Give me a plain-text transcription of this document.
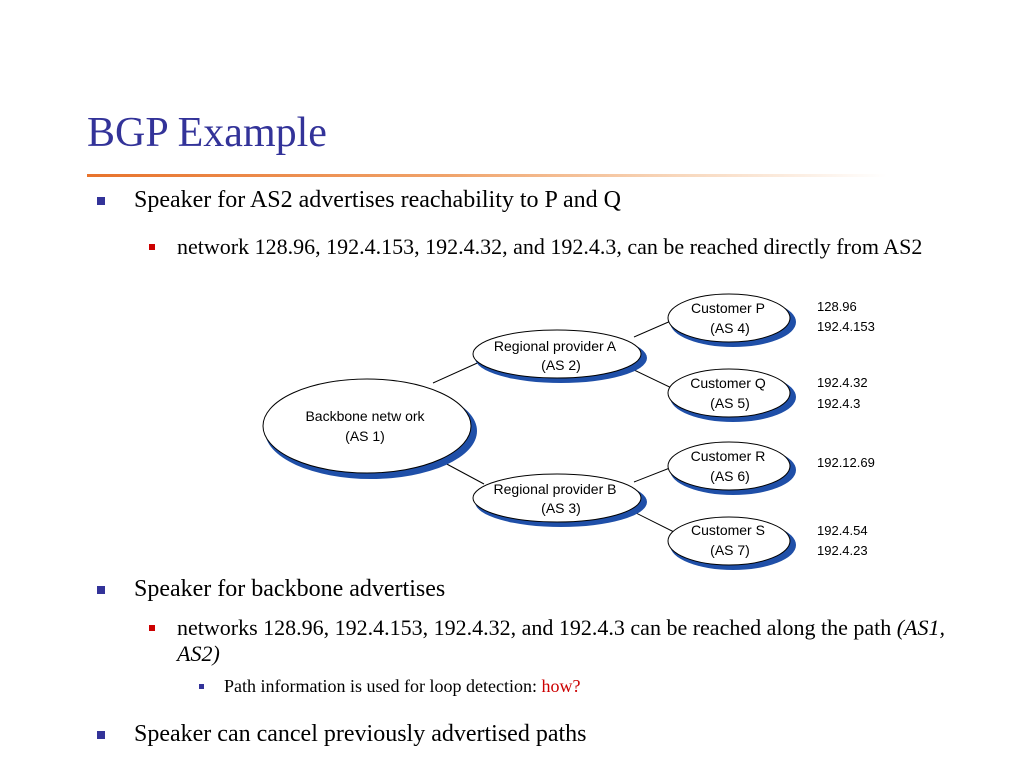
BGP Example
Speaker for AS2 advertises reachability to P and Q
network 128.96, 192.4.153, 192.4.32, and 192.4.3, can be reached directly from AS2
Backbone netw ork
(AS 1)
Regional provider A
(AS 2)
Regional provider B
(AS 3)
Customer P
(AS 4)
Customer Q
(AS 5)
Customer R
(AS 6)
Customer S
(AS 7)
128.96
192.4.153
192.4.32
192.4.3
192.12.69
192.4.54
192.4.23
Speaker for backbone advertises
networks 128.96, 192.4.153, 192.4.32, and 192.4.3 can be reached along the path (AS1, AS2)
Path information is used for loop detection: how?
Speaker can cancel previously advertised paths
